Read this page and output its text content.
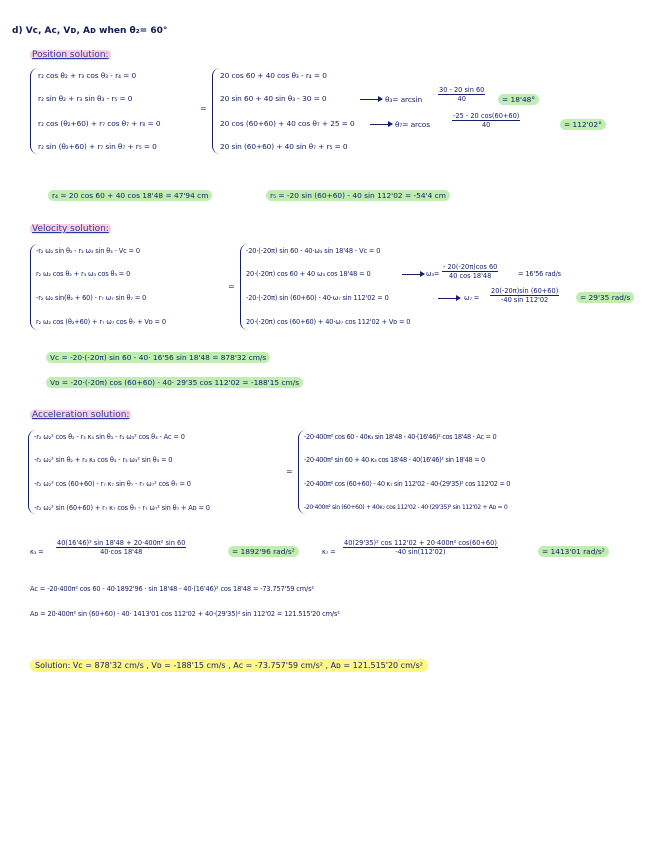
d) Vᴄ, Aᴄ, Vᴅ, Aᴅ when θ₂= 60°
Position solution:
r₂ cos θ₂ + r₃ cos θ₃ - r₄ = 0
r₂ sin θ₂ + r₃ sin θ₃ - r₅ = 0
r₂ cos (θ₂+60) + r₇ cos θ₇ + r₈ = 0
r₂ sin (θ₂+60) + r₇ sin θ₇ + r₅ = 0
=
20 cos 60 + 40 cos θ₃ - r₄ = 0
20 sin 60 + 40 sin θ₃ - 30 = 0
20 cos (60+60) + 40 cos θ₇ + 25 = 0
20 sin (60+60) + 40 sin θ₇ + r₅ = 0
$\theta_3= \arcsin \frac{30 - 20 \sin 60}{40}$	= 18'48°
θ₇= arcos	$\frac{-25 - 20 \cos(60+60)}{40}$	= 112'02°
r₄ = 20 cos 60 + 40 cos 18'48 = 47'94 cm	r₅ = -20 sin (60+60) - 40 sin 112'02 = -54'4 cm
Velocity solution:
-r₂ ω₂ sin θ₂ - r₃ ω₃ sin θ₃ - Vᴄ = 0
r₂ ω₂ cos θ₂ + r₃ ω₃ cos θ₃ = 0
-r₂ ω₂ sin(θ₂ + 60) - r₇ ω₇ sin θ₇ = 0
r₂ ω₂ cos (θ₂+60) + r₇ ω₇ cos θ₇ + Vᴅ = 0
=
-20·(-20π) sin 60 - 40·ω₃ sin 18'48 - Vᴄ = 0
20·(-20π) cos 60 + 40 ω₃ cos 18'48 = 0
-20·(-20π) sin (60+60) - 40·ω₇ sin 112'02 = 0
20·(-20π) cos (60+60) + 40·ω₇ cos 112'02 + Vᴅ = 0
$\omega_3= \frac{- 20(-20\pi)\cos 60}{40 \cos 18'48}$	= 16'56 rad/s
$\omega_7 = \frac{20(-20\pi)\sin (60+60)}{-40 \sin 112'02}$	= 29'35 rad/s
Vᴄ = -20·(-20π) sin 60 - 40· 16'56 sin 18'48 = 878'32 cm/s
Vᴅ = -20·(-20π) cos (60+60) - 40· 29'35 cos 112'02 = -188'15 cm/s
Acceleration solution:
-r₂ ω₂² cos θ₂ - r₃ κ₃ sin θ₃ - r₃ ω₃² cos θ₃ - Aᴄ = 0
-r₂ ω₂² sin θ₂ + r₃ κ₃ cos θ₃ - r₃ ω₃² sin θ₃ = 0
-r₂ ω₂² cos (60+60) - r₇ κ₇ sin θ₇ - r₇ ω₇² cos θ₇ = 0
-r₂ ω₂² sin (60+60) + r₇ κ₇ cos θ₇ - r₇ ω₇² sin θ₇ + Aᴅ = 0
=
-20·400π² cos 60 - 40κ₃ sin 18'48 - 40·(16'46)² cos 18'48 - Aᴄ = 0
-20·400π² sin 60 + 40 κ₃ cos 18'48 - 40(16'46)² sin 18'48 = 0
-20·400π² cos (60+60) - 40 κ₇ sin 112'02 - 40·(29'35)² cos 112'02 = 0
-20·400π² sin (60+60) + 40κ₇ cos 112'02 - 40·(29'35)² sin 112'02 + Aᴅ = 0
$\kappa_3 = \frac{\text{40(16'46)² sin 18'48 + 20·400π² sin 60}}{40\cdot\cos 18'48}$	= 1892'96 rad/s²	$\kappa_7 = \frac{\text{40(29'35)² cos 112'02 + 20·400π² cos(60+60)}}{-40 \sin(112'02)}$	= 1413'01 rad/s²
Aᴄ = -20·400π² cos 60 - 40·1892'96 · sin 18'48 - 40·(16'46)² cos 18'48 = -73.757'59 cm/s²
Aᴅ = 20·400π² sin (60+60) - 40· 1413'01 cos 112'02 + 40·(29'35)² sin 112'02 = 121.515'20 cm/s²
Solution: Vᴄ = 878'32 cm/s , Vᴅ = -188'15 cm/s , Aᴄ = -73.757'59 cm/s² , Aᴅ = 121.515'20 cm/s²
